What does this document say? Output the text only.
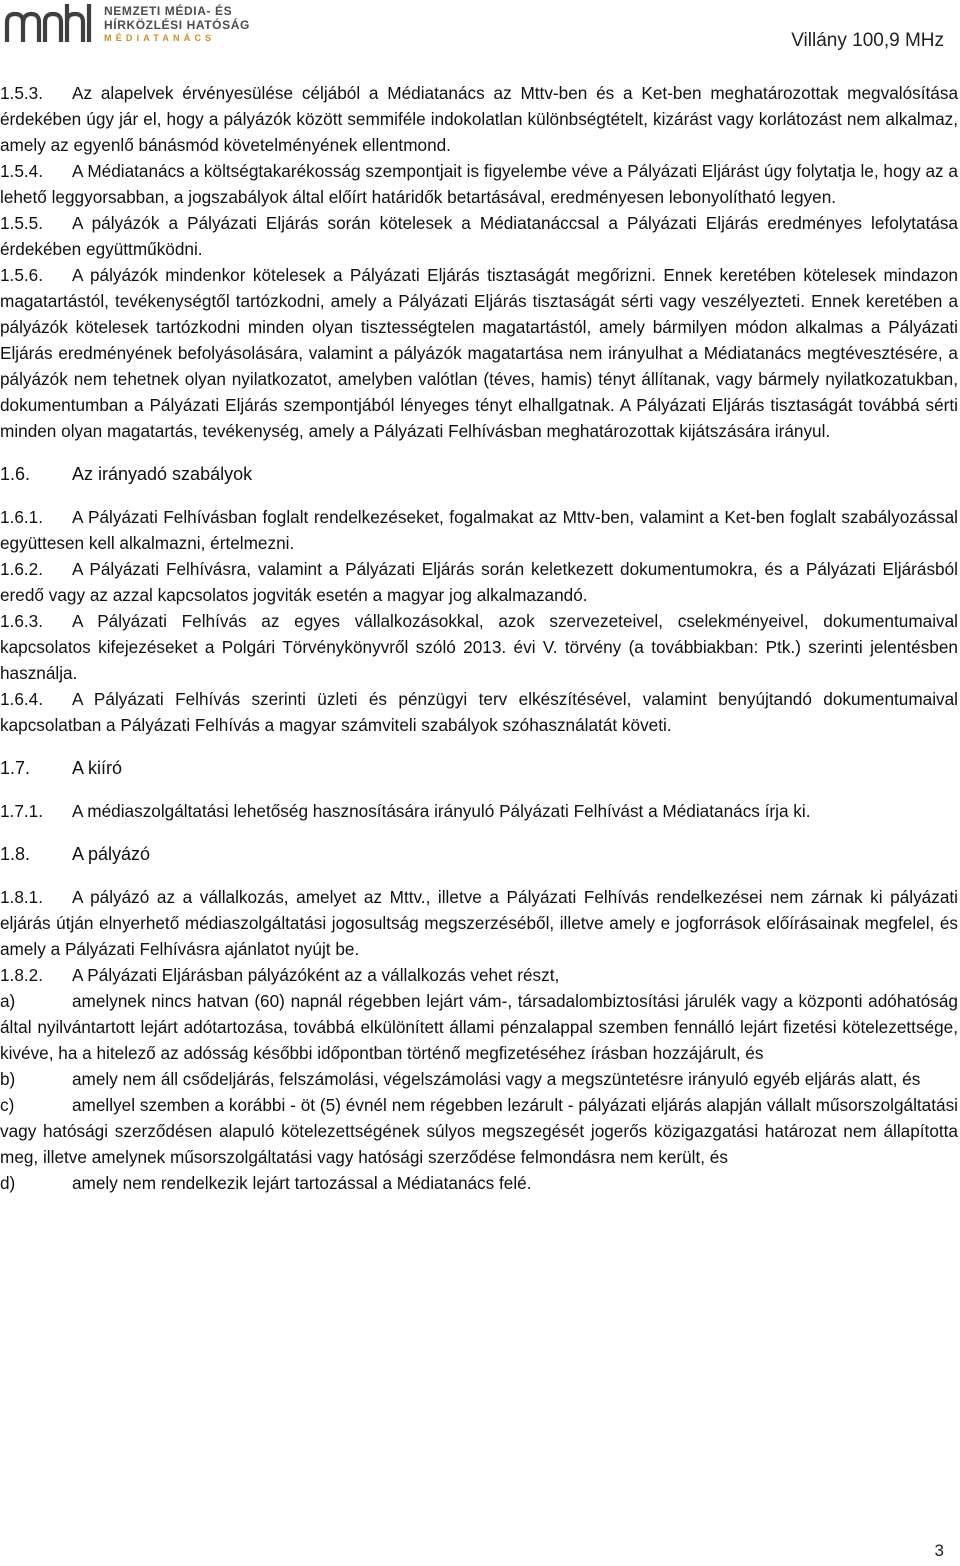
NEMZETI MÉDIA- ÉS
HÍRKÖZLÉSI HATÓSÁG
MÉDIATANÁCS	Villány 100,9 MHz

1.5.3. Az alapelvek érvényesülése céljából a Médiatanács az Mttv-ben és a Ket-ben meghatározottak megvalósítása érdekében úgy jár el, hogy a pályázók között semmiféle indokolatlan különbségtételt, kizárást vagy korlátozást nem alkalmaz, amely az egyenlő bánásmód követelményének ellentmond.

1.5.4. A Médiatanács a költségtakarékosság szempontjait is figyelembe véve a Pályázati Eljárást úgy folytatja le, hogy az a lehető leggyorsabban, a jogszabályok által előírt határidők betartásával, eredményesen lebonyolítható legyen.

1.5.5. A pályázók a Pályázati Eljárás során kötelesek a Médiatanáccsal a Pályázati Eljárás eredményes lefolytatása érdekében együttműködni.

1.5.6. A pályázók mindenkor kötelesek a Pályázati Eljárás tisztaságát megőrizni. Ennek keretében kötelesek mindazon magatartástól, tevékenységtől tartózkodni, amely a Pályázati Eljárás tisztaságát sérti vagy veszélyezteti. Ennek keretében a pályázók kötelesek tartózkodni minden olyan tisztességtelen magatartástól, amely bármilyen módon alkalmas a Pályázati Eljárás eredményének befolyásolására, valamint a pályázók magatartása nem irányulhat a Médiatanács megtévesztésére, a pályázók nem tehetnek olyan nyilatkozatot, amelyben valótlan (téves, hamis) tényt állítanak, vagy bármely nyilatkozatukban, dokumentumban a Pályázati Eljárás szempontjából lényeges tényt elhallgatnak. A Pályázati Eljárás tisztaságát továbbá sérti minden olyan magatartás, tevékenység, amely a Pályázati Felhívásban meghatározottak kijátszására irányul.

1.6. Az irányadó szabályok

1.6.1. A Pályázati Felhívásban foglalt rendelkezéseket, fogalmakat az Mttv-ben, valamint a Ket-ben foglalt szabályozással együttesen kell alkalmazni, értelmezni.

1.6.2. A Pályázati Felhívásra, valamint a Pályázati Eljárás során keletkezett dokumentumokra, és a Pályázati Eljárásból eredő vagy az azzal kapcsolatos jogviták esetén a magyar jog alkalmazandó.

1.6.3. A Pályázati Felhívás az egyes vállalkozásokkal, azok szervezeteivel, cselekményeivel, dokumentumaival kapcsolatos kifejezéseket a Polgári Törvénykönyvről szóló 2013. évi V. törvény (a továbbiakban: Ptk.) szerinti jelentésben használja.

1.6.4. A Pályázati Felhívás szerinti üzleti és pénzügyi terv elkészítésével, valamint benyújtandó dokumentumaival kapcsolatban a Pályázati Felhívás a magyar számviteli szabályok szóhasználatát követi.

1.7. A kiíró

1.7.1. A médiaszolgáltatási lehetőség hasznosítására irányuló Pályázati Felhívást a Médiatanács írja ki.

1.8. A pályázó

1.8.1. A pályázó az a vállalkozás, amelyet az Mttv., illetve a Pályázati Felhívás rendelkezései nem zárnak ki pályázati eljárás útján elnyerhető médiaszolgáltatási jogosultság megszerzéséből, illetve amely e jogforrások előírásainak megfelel, és amely a Pályázati Felhívásra ajánlatot nyújt be.

1.8.2. A Pályázati Eljárásban pályázóként az a vállalkozás vehet részt,

a)	amelynek nincs hatvan (60) napnál régebben lejárt vám-, társadalombiztosítási járulék vagy a központi adóhatóság által nyilvántartott lejárt adótartozása, továbbá elkülönített állami pénzalappal szemben fennálló lejárt fizetési kötelezettsége, kivéve, ha a hitelező az adósság későbbi időpontban történő megfizetéséhez írásban hozzájárult, és

b)	amely nem áll csődeljárás, felszámolási, végelszámolási vagy a megszüntetésre irányuló egyéb eljárás alatt, és

c)	amellyel szemben a korábbi - öt (5) évnél nem régebben lezárult - pályázati eljárás alapján vállalt műsorszolgáltatási vagy hatósági szerződésen alapuló kötelezettségének súlyos megszegését jogerős közigazgatási határozat nem állapította meg, illetve amelynek műsorszolgáltatási vagy hatósági szerződése felmondásra nem került, és

d)	amely nem rendelkezik lejárt tartozással a Médiatanács felé.

3
